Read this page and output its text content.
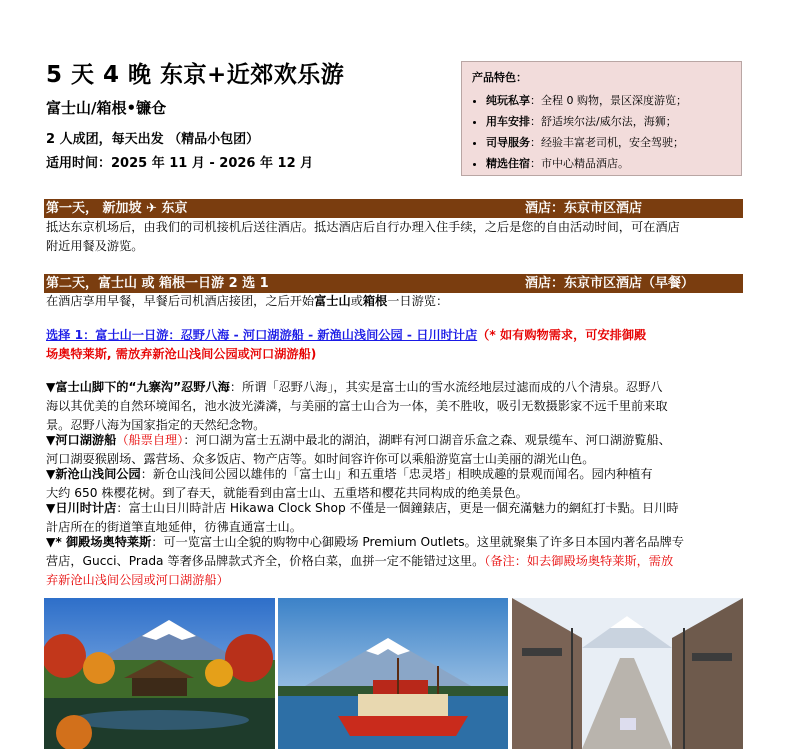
5 天 4 晚 东京+近郊欢乐游
富士山/箱根•镰仓
2 人成团，每天出发 （精品小包团）
适用时间：2025 年 11 月 - 2026 年 12 月
产品特色：
• 纯玩私享：全程 0 购物，景区深度游览；
• 用车安排：舒适埃尔法/威尔法，海狮；
• 司导服务：经验丰富老司机，安全驾驶；
• 精选住宿：市中心精品酒店。
第一天， 新加坡 ✈ 东京	酒店：东京市区酒店
抵达东京机场后，由我们的司机接机后送往酒店。抵达酒店后自行办理入住手续，之后是您的自由活动时间，可在酒店
附近用餐及游览。
第二天，富士山 或 箱根一日游 2 选 1	酒店：东京市区酒店（早餐）
在酒店享用早餐，早餐后司机酒店接团，之后开始富士山或箱根一日游览：
选择 1：富士山一日游：忍野八海 - 河口湖游船 - 新渔山浅间公园 - 日川时计店（* 如有购物需求，可安排御殿
场奥特莱斯, 需放弃新沧山浅间公园或河口湖游船)
▼富士山脚下的“九寨沟”忍野八海：所谓「忍野八海」，其实是富士山的雪水流经地层过滤而成的八个清泉。忍野八
海以其优美的自然环境闻名，池水波光潾潾，与美丽的富士山合为一体，美不胜收，吸引无数摄影家不远千里前来取
景。忍野八海为国家指定的天然纪念物。
▼河口湖游船（船票自理）：河口湖为富士五湖中最北的湖泊，湖畔有河口湖音乐盒之森、观景缆车、河口湖游覧船、
河口湖耍猴剧场、露营场、众多饭店、物产店等。如时间容许你可以乘船游览富士山美丽的湖光山色。
▼新沧山浅间公园：新仓山浅间公园以雄伟的「富士山」和五重塔「忠灵塔」相映成趣的景观而闻名。园内种植有
大约 650 株樱花树。到了春天，就能看到由富士山、五重塔和樱花共同构成的绝美景色。
▼日川时计店：富士山日川時計店 Hikawa Clock Shop 不僅是一個鐘錶店，更是一個充滿魅力的網紅打卡點。日川時
計店所在的街道筆直地延伸，彷彿直通富士山。
▼* 御殿场奥特莱斯：可一览富士山全貌的购物中心御殿场 Premium Outlets。这里就聚集了许多日本国内著名品牌专
营店，Gucci、Prada 等奢侈品牌款式齐全，价格白菜，血拼一定不能错过这里。（备注：如去御殿场奥特莱斯，需放
弃新沧山浅间公园或河口湖游船）
